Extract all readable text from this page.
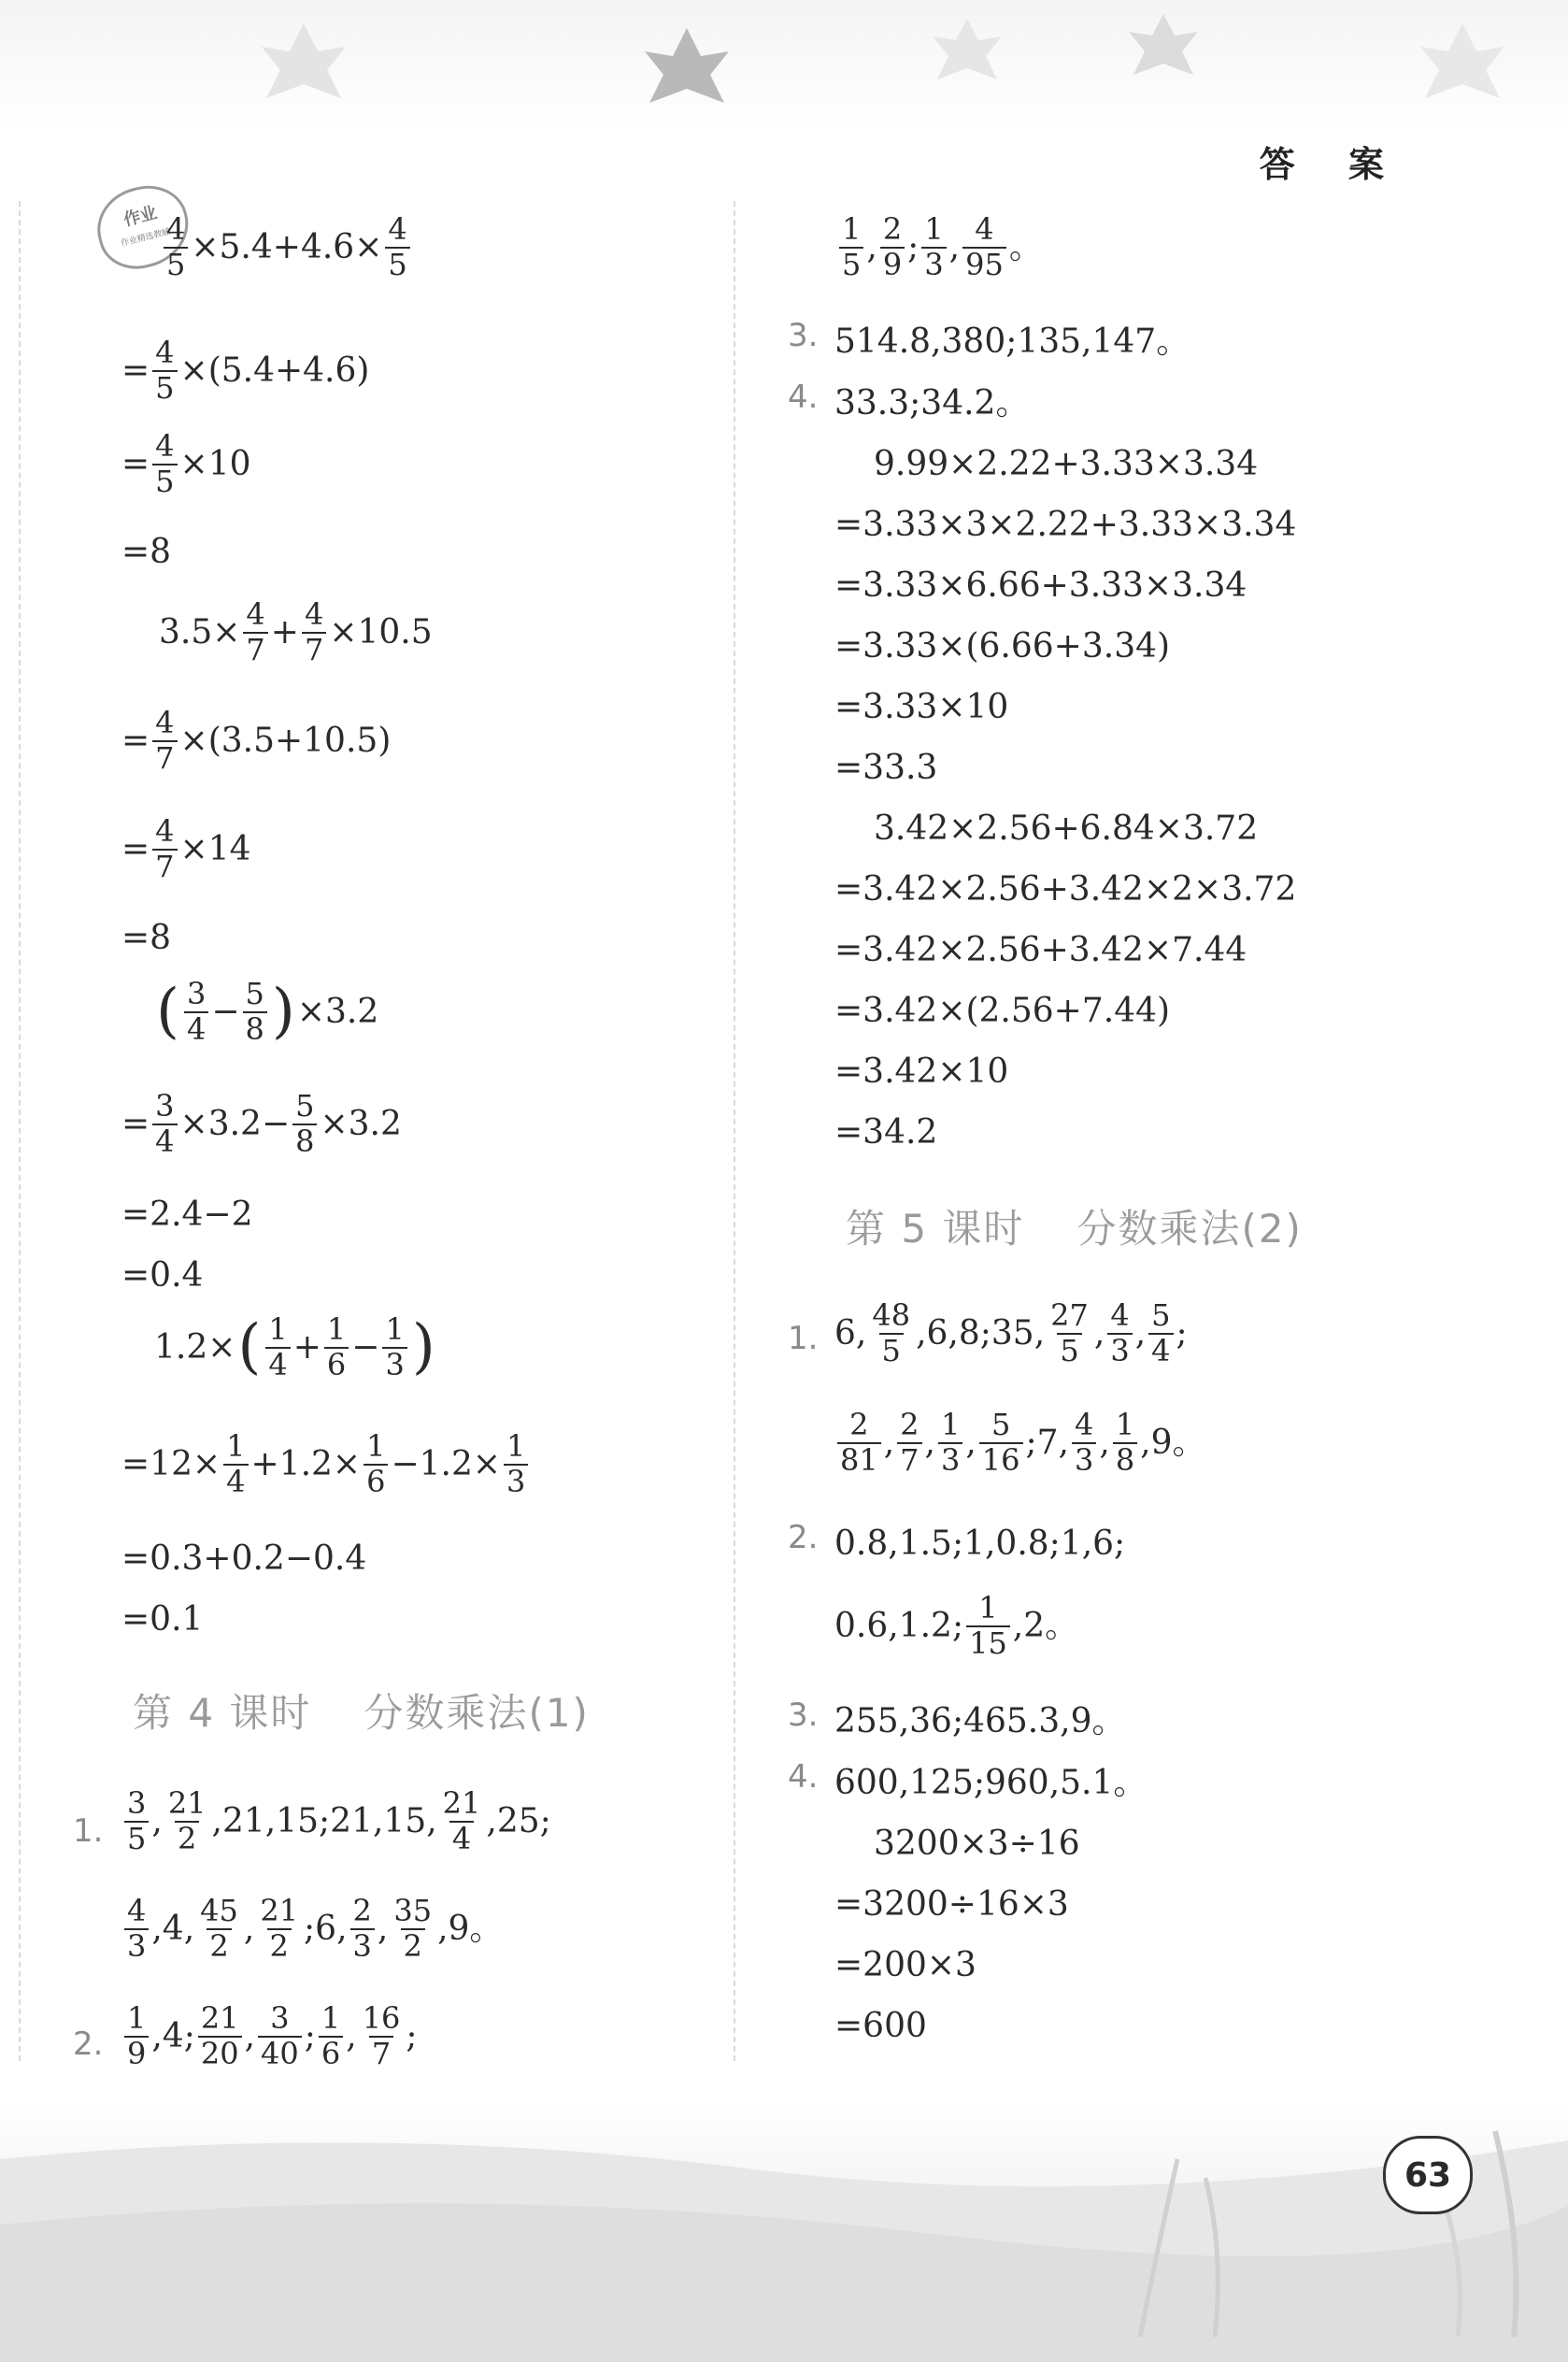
答 案
作业
作业精选教辅
$\frac{4}{5} \times 5.4+4.6\times \frac{4}{5}$
= $\frac{4}{5} \times(5.4+4.6)$
= $\frac{4}{5} \times 10$
=8
$3.5\times \frac{4}{7} + \frac{4}{7} \times 10.5$
= $\frac{4}{7} \times(3.5+10.5)$
= $\frac{4}{7} \times 14$
=8
( $\frac{3}{4} - \frac{5}{8}$ ) ×3.2
= $\frac{3}{4} \times 3.2- \frac{5}{8} \times 3.2$
=2.4−2
=0.4
1.2× ( $\frac{1}{4} + \frac{1}{6} - \frac{1}{3}$ )
$=12\times \frac{1}{4} +1.2\times \frac{1}{6} -1.2\times \frac{1}{3}$
=0.3+0.2−0.4
=0.1
第 4 课时 分数乘法(1)
1. $\frac{3}{5}$ , $\frac{21}{2}$ ,21,15;21,15, $\frac{21}{4} ,25$;
$\frac{4}{3} ,4$, $\frac{45}{2}$ , $\frac{21}{2}$ ;6, $\frac{2}{3}$ , $\frac{35}{2} ,9$。
2. $\frac{1}{9} ,4$; $\frac{21}{20}$ , $\frac{3}{40}$ ; $\frac{1}{6}$ , $\frac{16}{7}$ ;
$\frac{1}{5}$ , $\frac{2}{9}$ ; $\frac{1}{3}$ , $\frac{4}{95}$ 。
3. 514.8,380;135,147。
4. 33.3;34.2。
9.99×2.22+3.33×3.34
=3.33×3×2.22+3.33×3.34
=3.33×6.66+3.33×3.34
=3.33×(6.66+3.34)
=3.33×10
=33.3
3.42×2.56+6.84×3.72
=3.42×2.56+3.42×2×3.72
=3.42×2.56+3.42×7.44
=3.42×(2.56+7.44)
=3.42×10
=34.2
第 5 课时 分数乘法(2)
1. 6, $\frac{48}{5}$ ,6,8;35, $\frac{27}{5}$ , $\frac{4}{3}$ , $\frac{5}{4}$ ;
$\frac{2}{81}$ , $\frac{2}{7}$ , $\frac{1}{3}$ , $\frac{5}{16}$ ;7, $\frac{4}{3}$ , $\frac{1}{8} ,9$。
2. 0.8,1.5;1,0.8;1,6;
0.6,1.2; $\frac{1}{15} ,2$。
3. 255,36;465.3,9。
4. 600,125;960,5.1。
3200×3÷16
=3200÷16×3
=200×3
=600
63
